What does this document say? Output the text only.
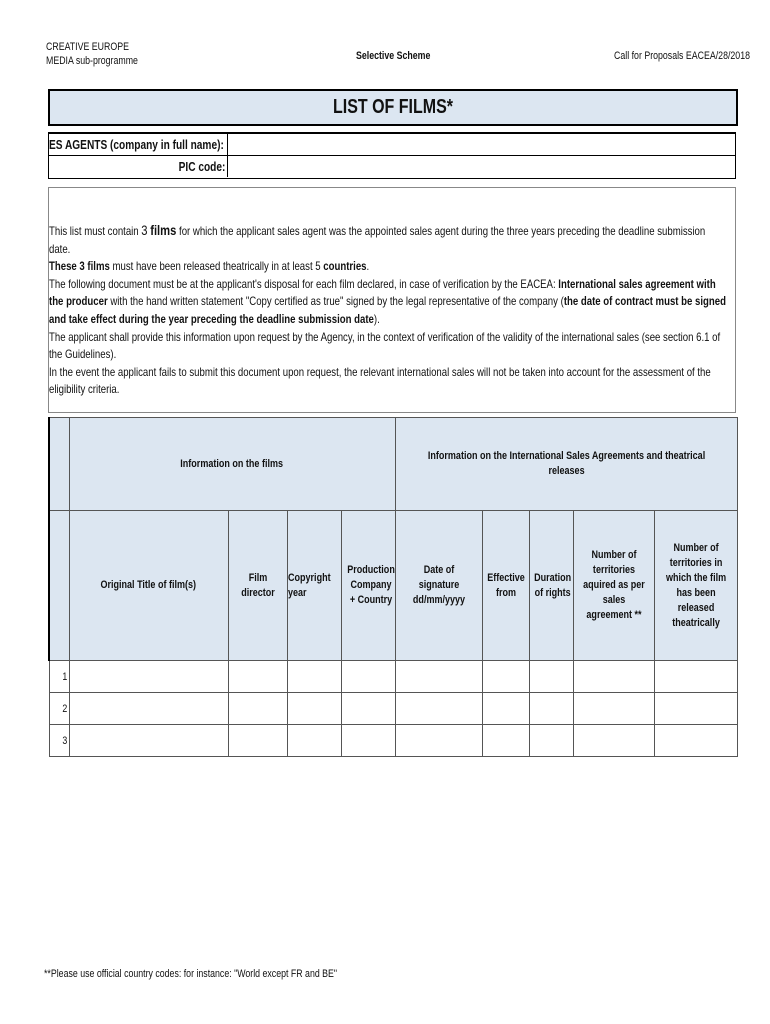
CREATIVE EUROPE
MEDIA sub-programme	Selective Scheme	Call for Proposals EACEA/28/2018
LIST OF FILMS*
ES AGENTS (company in full name):
PIC code:

This list must contain 3 films for which the applicant sales agent was the appointed sales agent during the three years preceding the deadline submission date.

These 3 films must have been released theatrically in at least 5 countries.

The following document must be at the applicant's disposal for each film declared, in case of verification by the EACEA: International sales agreement with the producer with the hand written statement "Copy certified as true" signed by the legal representative of the company (the date of contract must be signed and take effect during the year preceding the deadline submission date).

The applicant shall provide this information upon request by the Agency, in the context of verification of the validity of the international sales (see section 6.1 of the Guidelines).

In the event the applicant fails to submit this document upon request, the relevant international sales will not be taken into account for the assessment of the eligibility criteria.

	Information on the films				Information on the International Sales Agreements and theatrical releases				
	Original Title of film(s)	Film director	Copyright year	Production Company + Country	Date of signature dd/mm/yyyy	Effective from	Duration of rights	Number of territories aquired as per sales agreement **	Number of territories in which the film has been released theatrically
1									
2									
3									
**Please use official country codes: for instance: "World except FR and BE"
